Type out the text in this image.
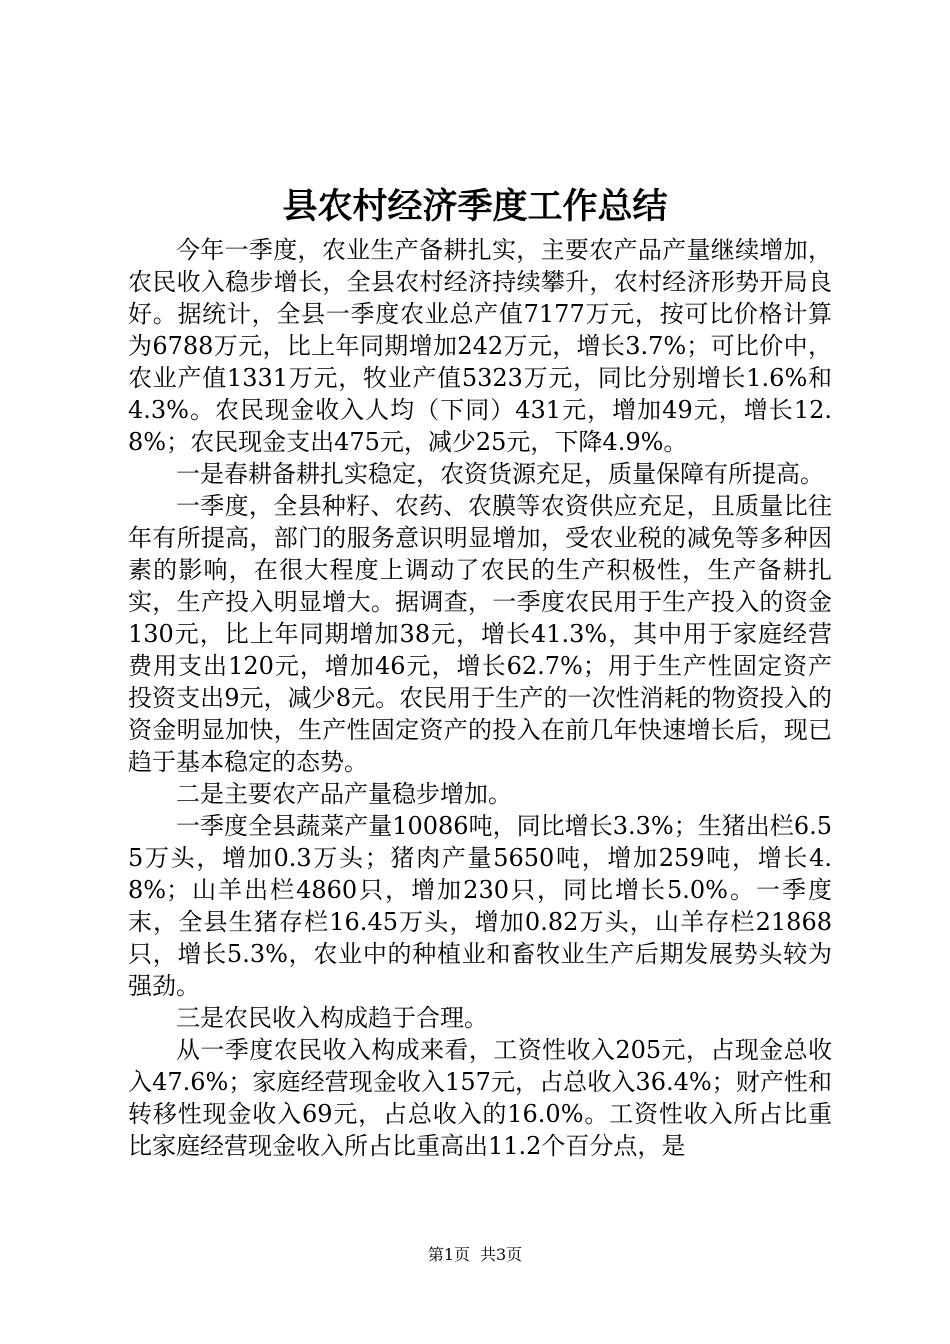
县农村经济季度工作总结

今年一季度，农业生产备耕扎实，主要农产品产量继续增加，农民收入稳步增长，全县农村经济持续攀升，农村经济形势开局良好。据统计，全县一季度农业总产值7177万元，按可比价格计算为6788万元，比上年同期增加242万元，增长3.7%；可比价中，农业产值1331万元，牧业产值5323万元，同比分别增长1.6%和4.3%。农民现金收入人均（下同）431元，增加49元，增长12.8%；农民现金支出475元，减少25元，下降4.9%。

一是春耕备耕扎实稳定，农资货源充足，质量保障有所提高。

一季度，全县种籽、农药、农膜等农资供应充足，且质量比往年有所提高，部门的服务意识明显增加，受农业税的减免等多种因素的影响，在很大程度上调动了农民的生产积极性，生产备耕扎实，生产投入明显增大。据调查，一季度农民用于生产投入的资金130元，比上年同期增加38元，增长41.3%，其中用于家庭经营费用支出120元，增加46元，增长62.7%；用于生产性固定资产投资支出9元，减少8元。农民用于生产的一次性消耗的物资投入的资金明显加快，生产性固定资产的投入在前几年快速增长后，现已趋于基本稳定的态势。

二是主要农产品产量稳步增加。

一季度全县蔬菜产量10086吨，同比增长3.3%；生猪出栏6.55万头，增加0.3万头；猪肉产量5650吨，增加259吨，增长4.8%；山羊出栏4860只，增加230只，同比增长5.0%。一季度末，全县生猪存栏16.45万头，增加0.82万头，山羊存栏21868只，增长5.3%，农业中的种植业和畜牧业生产后期发展势头较为强劲。

三是农民收入构成趋于合理。

从一季度农民收入构成来看，工资性收入205元，占现金总收入47.6%；家庭经营现金收入157元，占总收入36.4%；财产性和转移性现金收入69元，占总收入的16.0%。工资性收入所占比重比家庭经营现金收入所占比重高出11.2个百分点，是

第1页 共3页
